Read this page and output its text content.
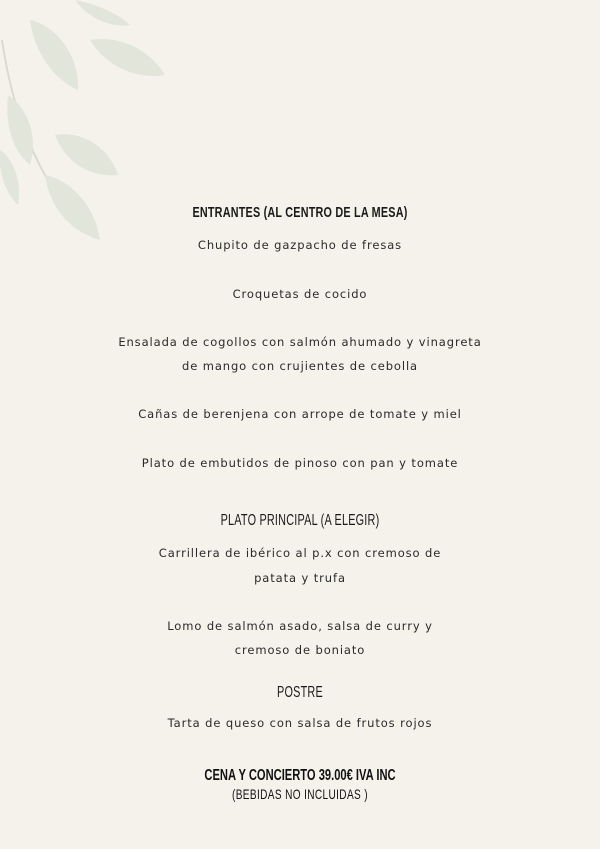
ENTRANTES (AL CENTRO DE LA MESA)
Chupito de gazpacho de fresas
Croquetas de cocido
Ensalada de cogollos con salmón ahumado y vinagreta
de mango con crujientes de cebolla
Cañas de berenjena con arrope de tomate y miel
Plato de embutidos de pinoso con pan y tomate
PLATO PRINCIPAL (A ELEGIR)
Carrillera de ibérico al p.x con cremoso de
patata y trufa
Lomo de salmón asado, salsa de curry y
cremoso de boniato
POSTRE
Tarta de queso con salsa de frutos rojos
CENA Y CONCIERTO 39.00€ IVA INC
(BEBIDAS NO INCLUIDAS )
